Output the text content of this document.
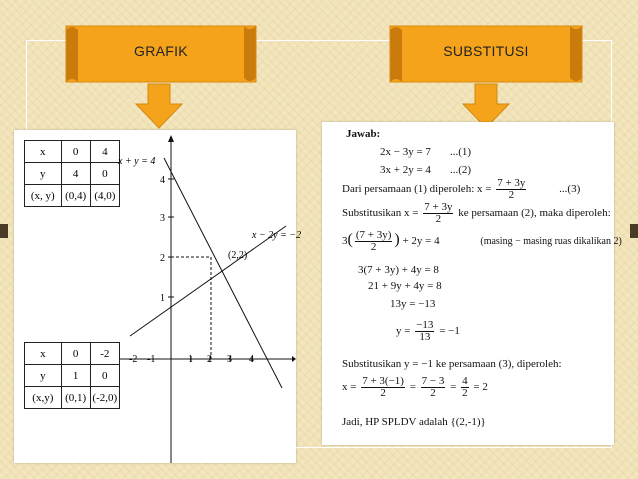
GRAFIK	SUBSTITUSI
x	0	4
y	4	0
(x, y)	(0,4)	(4,0)
x	0	-2
y	1	0
(x,y)	(0,1)	(-2,0)
1
2
3
4
-2 -1	1 2 3 4
x + y = 4
x − 2y = −2
(2,2)
Jawab:
2x − 3y = 7 ...(1)
3x + 2y = 4 ...(2)
Dari persamaan (1) diperoleh: $x = \frac{7 + 3y}{2}$	...(3)
Substitusikan $x = \frac{7 + 3y}{2}$ ke persamaan (2), maka diperoleh:
$3( \frac{(7 + 3y)}{2}$ ) + 2y = 4	(masing − masing ruas dikalikan 2)
3(7 + 3y) + 4y = 8
21 + 9y + 4y = 8
13y = −13
$y = \frac{-13}{13} = -1$
Substitusikan y = −1 ke persamaan (3), diperoleh:
$x = \frac{7 + 3(-1)}{2} = \frac{7 - 3}{2} = \frac{4}{2} = 2$
Jadi, HP SPLDV adalah {(2,-1)}
